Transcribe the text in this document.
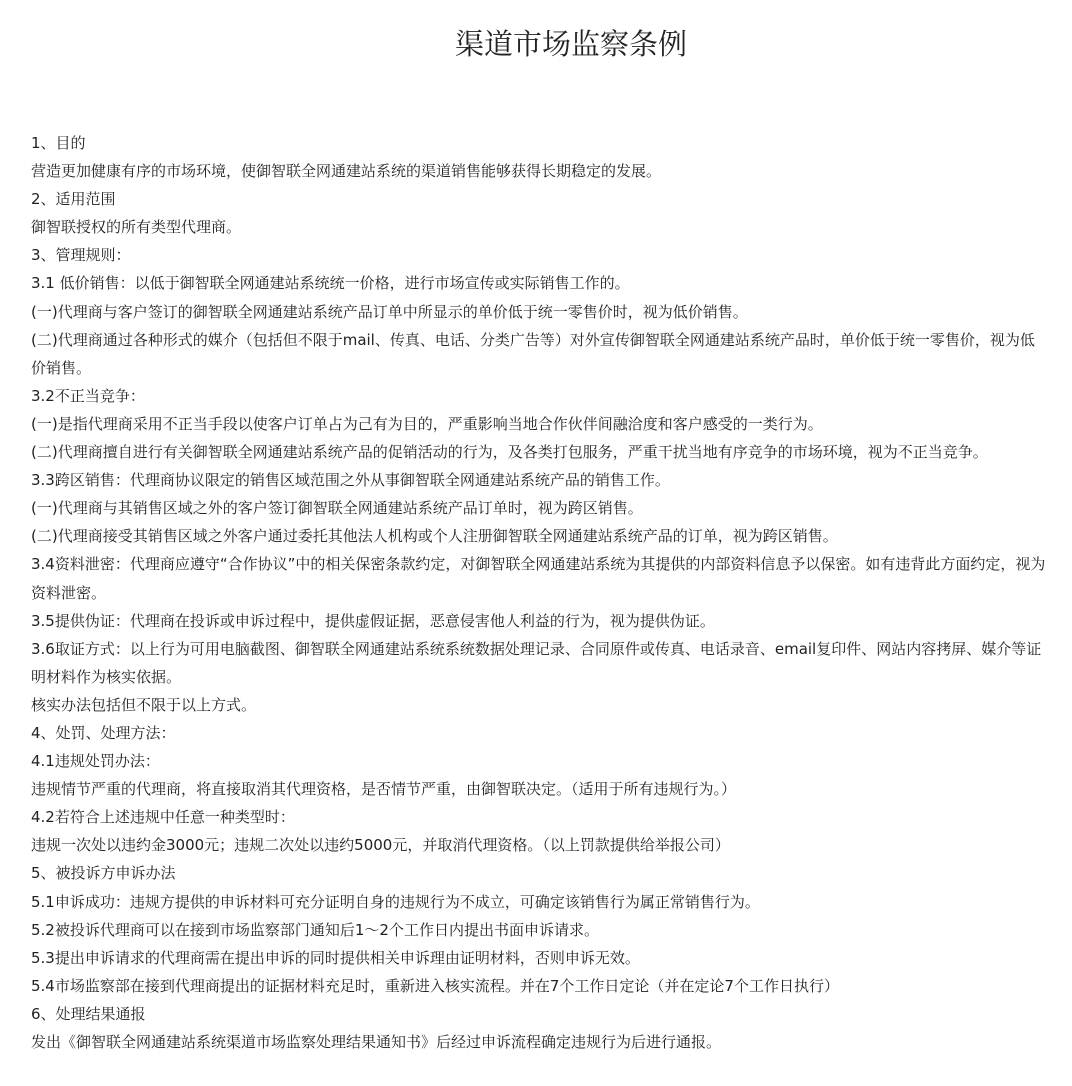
渠道市场监察条例

1、目的

营造更加健康有序的市场环境，使御智联全网通建站系统的渠道销售能够获得长期稳定的发展。

2、适用范围

御智联授权的所有类型代理商。

3、管理规则：

3.1 低价销售：以低于御智联全网通建站系统统一价格，进行市场宣传或实际销售工作的。

(一)代理商与客户签订的御智联全网通建站系统产品订单中所显示的单价低于统一零售价时，视为低价销售。

(二)代理商通过各种形式的媒介（包括但不限于mail、传真、电话、分类广告等）对外宣传御智联全网通建站系统产品时，单价低于统一零售价，视为低价销售。

3.2不正当竞争：

(一)是指代理商采用不正当手段以使客户订单占为己有为目的，严重影响当地合作伙伴间融洽度和客户感受的一类行为。

(二)代理商擅自进行有关御智联全网通建站系统产品的促销活动的行为，及各类打包服务，严重干扰当地有序竞争的市场环境，视为不正当竞争。

3.3跨区销售：代理商协议限定的销售区域范围之外从事御智联全网通建站系统产品的销售工作。

(一)代理商与其销售区域之外的客户签订御智联全网通建站系统产品订单时，视为跨区销售。

(二)代理商接受其销售区域之外客户通过委托其他法人机构或个人注册御智联全网通建站系统产品的订单，视为跨区销售。

3.4资料泄密：代理商应遵守“合作协议”中的相关保密条款约定，对御智联全网通建站系统为其提供的内部资料信息予以保密。如有违背此方面约定，视为资料泄密。

3.5提供伪证：代理商在投诉或申诉过程中，提供虚假证据，恶意侵害他人利益的行为，视为提供伪证。

3.6取证方式：以上行为可用电脑截图、御智联全网通建站系统系统数据处理记录、合同原件或传真、电话录音、email复印件、网站内容拷屏、媒介等证明材料作为核实依据。

核实办法包括但不限于以上方式。

4、处罚、处理方法：

4.1违规处罚办法：

违规情节严重的代理商，将直接取消其代理资格，是否情节严重，由御智联决定。（适用于所有违规行为。）

4.2若符合上述违规中任意一种类型时：

违规一次处以违约金3000元；违规二次处以违约5000元，并取消代理资格。（以上罚款提供给举报公司）

5、被投诉方申诉办法

5.1申诉成功：违规方提供的申诉材料可充分证明自身的违规行为不成立，可确定该销售行为属正常销售行为。

5.2被投诉代理商可以在接到市场监察部门通知后1～2个工作日内提出书面申诉请求。

5.3提出申诉请求的代理商需在提出申诉的同时提供相关申诉理由证明材料，否则申诉无效。

5.4市场监察部在接到代理商提出的证据材料充足时，重新进入核实流程。并在7个工作日定论（并在定论7个工作日执行）

6、处理结果通报

发出《御智联全网通建站系统渠道市场监察处理结果通知书》后经过申诉流程确定违规行为后进行通报。
